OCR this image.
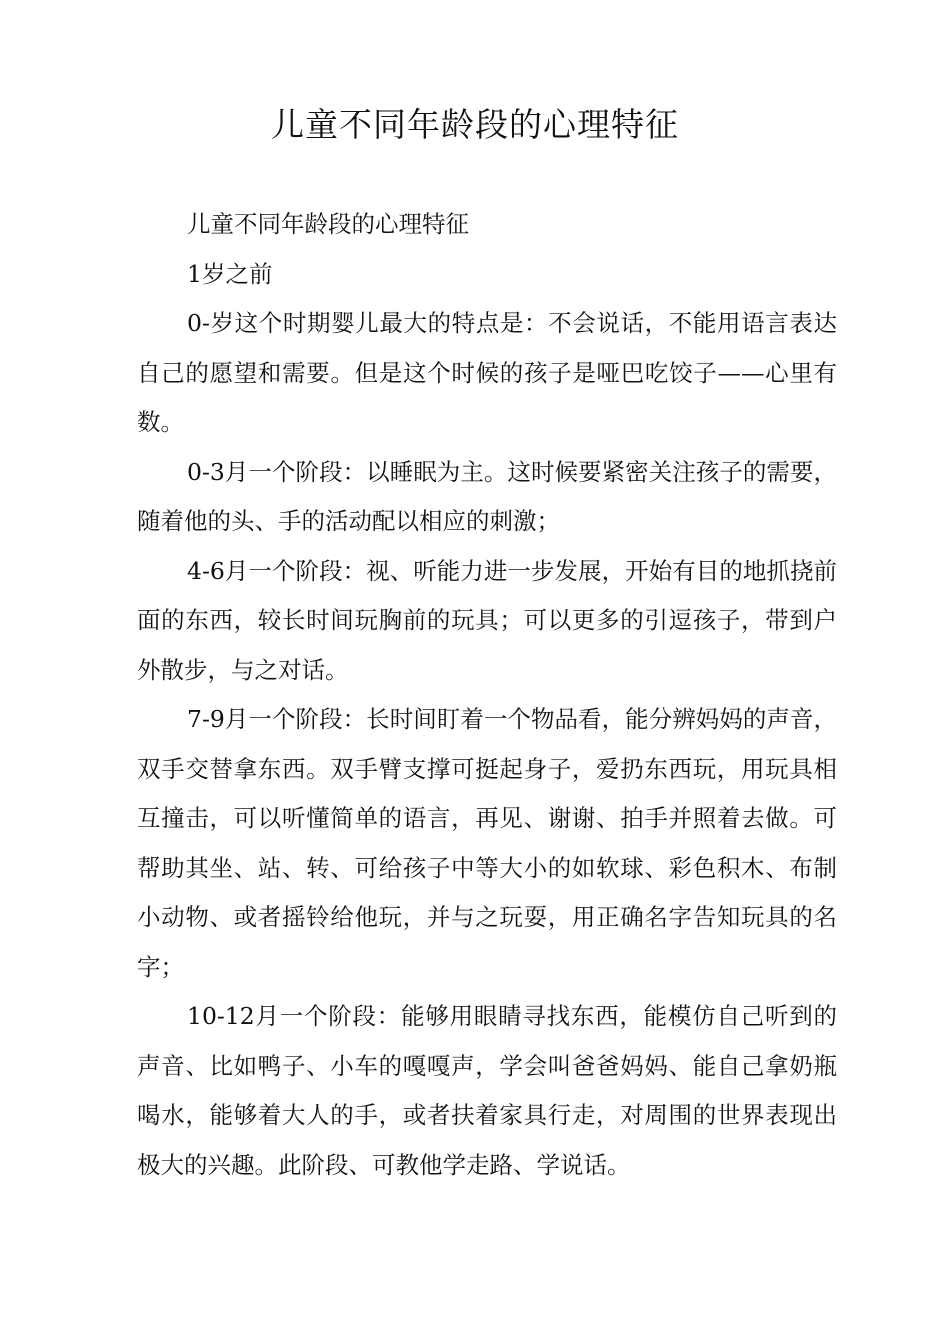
儿童不同年龄段的心理特征

儿童不同年龄段的心理特征

1岁之前

0-岁这个时期婴儿最大的特点是：不会说话，不能用语言表达自己的愿望和需要。但是这个时候的孩子是哑巴吃饺子——心里有数。

0-3月一个阶段：以睡眠为主。这时候要紧密关注孩子的需要，随着他的头、手的活动配以相应的刺激；

4-6月一个阶段：视、听能力进一步发展，开始有目的地抓挠前面的东西，较长时间玩胸前的玩具；可以更多的引逗孩子，带到户外散步，与之对话。

7-9月一个阶段：长时间盯着一个物品看，能分辨妈妈的声音，双手交替拿东西。双手臂支撑可挺起身子，爱扔东西玩，用玩具相互撞击，可以听懂简单的语言，再见、谢谢、拍手并照着去做。可帮助其坐、站、转、可给孩子中等大小的如软球、彩色积木、布制小动物、或者摇铃给他玩，并与之玩耍，用正确名字告知玩具的名字；

10-12月一个阶段：能够用眼睛寻找东西，能模仿自己听到的声音、比如鸭子、小车的嘎嘎声，学会叫爸爸妈妈、能自己拿奶瓶喝水，能够着大人的手，或者扶着家具行走，对周围的世界表现出极大的兴趣。此阶段、可教他学走路、学说话。
